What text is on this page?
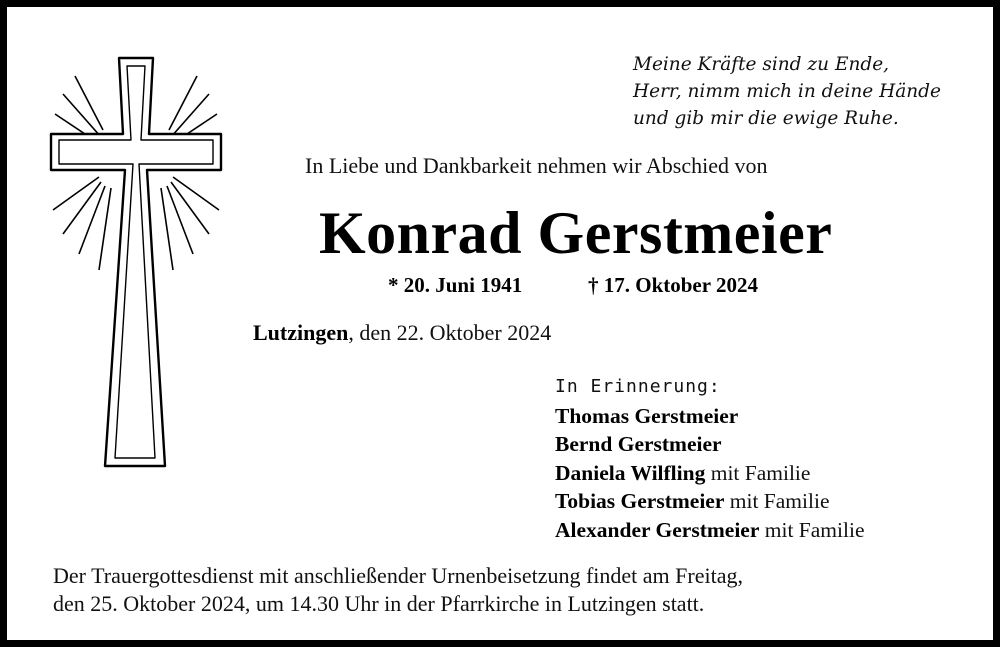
Meine Kräfte sind zu Ende,
Herr, nimm mich in deine Hände
und gib mir die ewige Ruhe.
In Liebe und Dankbarkeit nehmen wir Abschied von
Konrad Gerstmeier
* 20. Juni 1941	† 17. Oktober 2024
Lutzingen, den 22. Oktober 2024
In Erinnerung:
Thomas Gerstmeier
Bernd Gerstmeier
Daniela Wilfling mit Familie
Tobias Gerstmeier mit Familie
Alexander Gerstmeier mit Familie
Der Trauergottesdienst mit anschließender Urnenbeisetzung findet am Freitag,
den 25. Oktober 2024, um 14.30 Uhr in der Pfarrkirche in Lutzingen statt.
